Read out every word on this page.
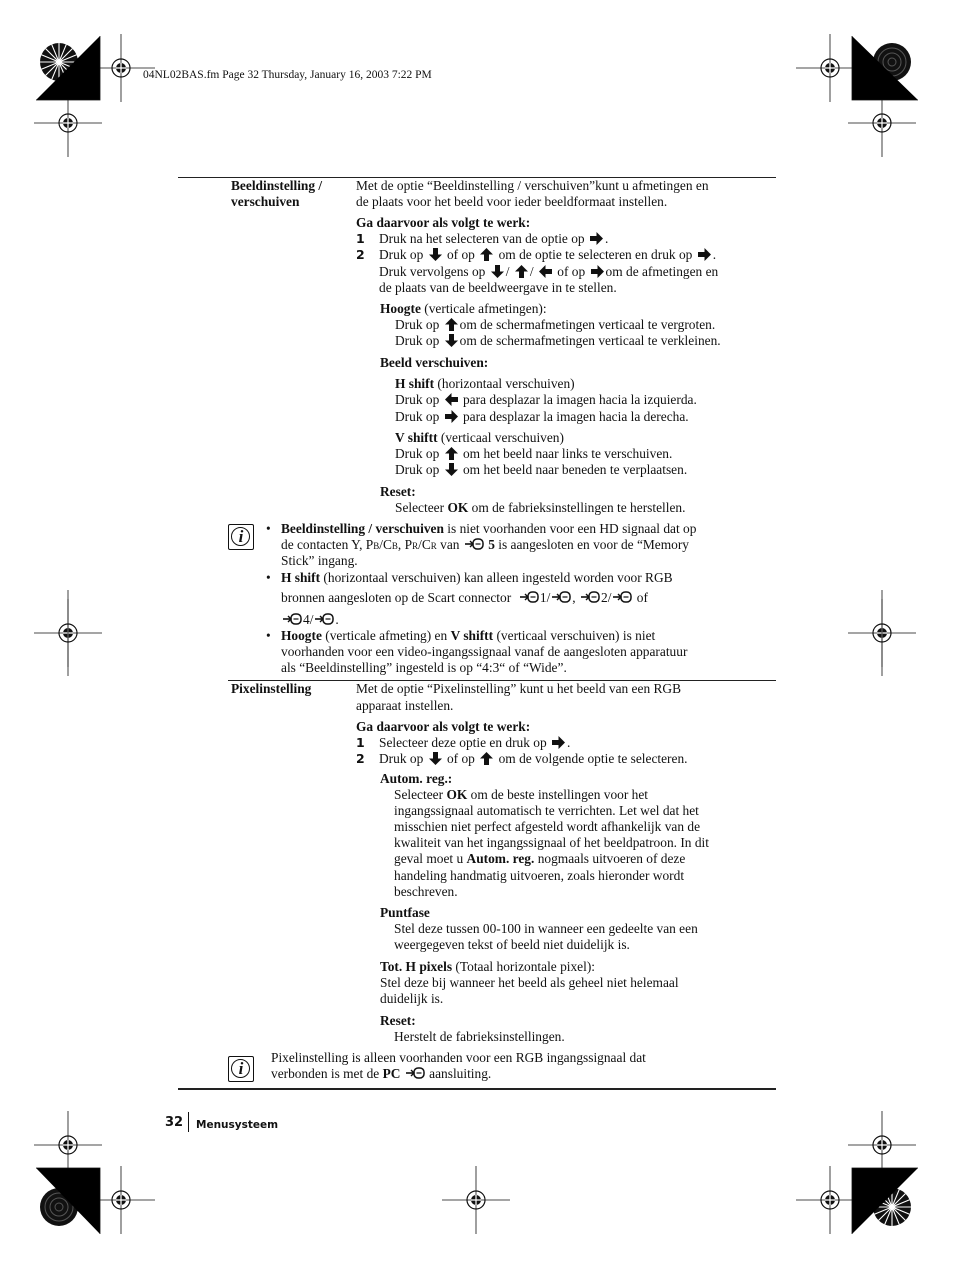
04NL02BAS.fm Page 32 Thursday, January 16, 2003 7:22 PM
Beeldinstelling /
verschuiven
Met de optie “Beeldinstelling / verschuiven”kunt u afmetingen en
de plaats voor het beeld voor ieder beeldformaat instellen.
Ga daarvoor als volgt te werk:
1 Druk na het selecteren van de optie op .
2 Druk op of op om de optie te selecteren en druk op .
Druk vervolgens op / / of op om de afmetingen en
de plaats van de beeldweergave in te stellen.
Hoogte (verticale afmetingen):
Druk op om de schermafmetingen verticaal te vergroten.
Druk op om de schermafmetingen verticaal te verkleinen.
Beeld verschuiven:
H shift (horizontaal verschuiven)
Druk op para desplazar la imagen hacia la izquierda.
Druk op para desplazar la imagen hacia la derecha.
V shiftt (verticaal verschuiven)
Druk op om het beeld naar links te verschuiven.
Druk op om het beeld naar beneden te verplaatsen.
Reset:
Selecteer OK om de fabrieksinstellingen te herstellen.
i	• Beeldinstelling / verschuiven is niet voorhanden voor een HD signaal dat op
de contacten Y, PB/CB, PR/CR van 5 is aangesloten en voor de “Memory
Stick” ingang.
• H shift (horizontaal verschuiven) kan alleen ingesteld worden voor RGB
bronnen aangesloten op de Scart connector 1/ , 2/ of
4/ .
• Hoogte (verticale afmeting) en V shiftt (verticaal verschuiven) is niet
voorhanden voor een video-ingangssignaal vanaf de aangesloten apparatuur
als “Beeldinstelling” ingesteld is op “4:3“ of “Wide”.
Pixelinstelling	Met de optie “Pixelinstelling” kunt u het beeld van een RGB
apparaat instellen.
Ga daarvoor als volgt te werk:
1 Selecteer deze optie en druk op .
2 Druk op of op om de volgende optie te selecteren.
Autom. reg.:
Selecteer OK om de beste instellingen voor het
ingangssignaal automatisch te verrichten. Let wel dat het
misschien niet perfect afgesteld wordt afhankelijk van de
kwaliteit van het ingangssignaal of het beeldpatroon. In dit
geval moet u Autom. reg. nogmaals uitvoeren of deze
handeling handmatig uitvoeren, zoals hieronder wordt
beschreven.
Puntfase
Stel deze tussen 00-100 in wanneer een gedeelte van een
weergegeven tekst of beeld niet duidelijk is.
Tot. H pixels (Totaal horizontale pixel):
Stel deze bij wanneer het beeld als geheel niet helemaal
duidelijk is.
Reset:
Herstelt de fabrieksinstellingen.
i
Pixelinstelling is alleen voorhanden voor een RGB ingangssignaal dat
verbonden is met de PC aansluiting.
32 Menusysteem
